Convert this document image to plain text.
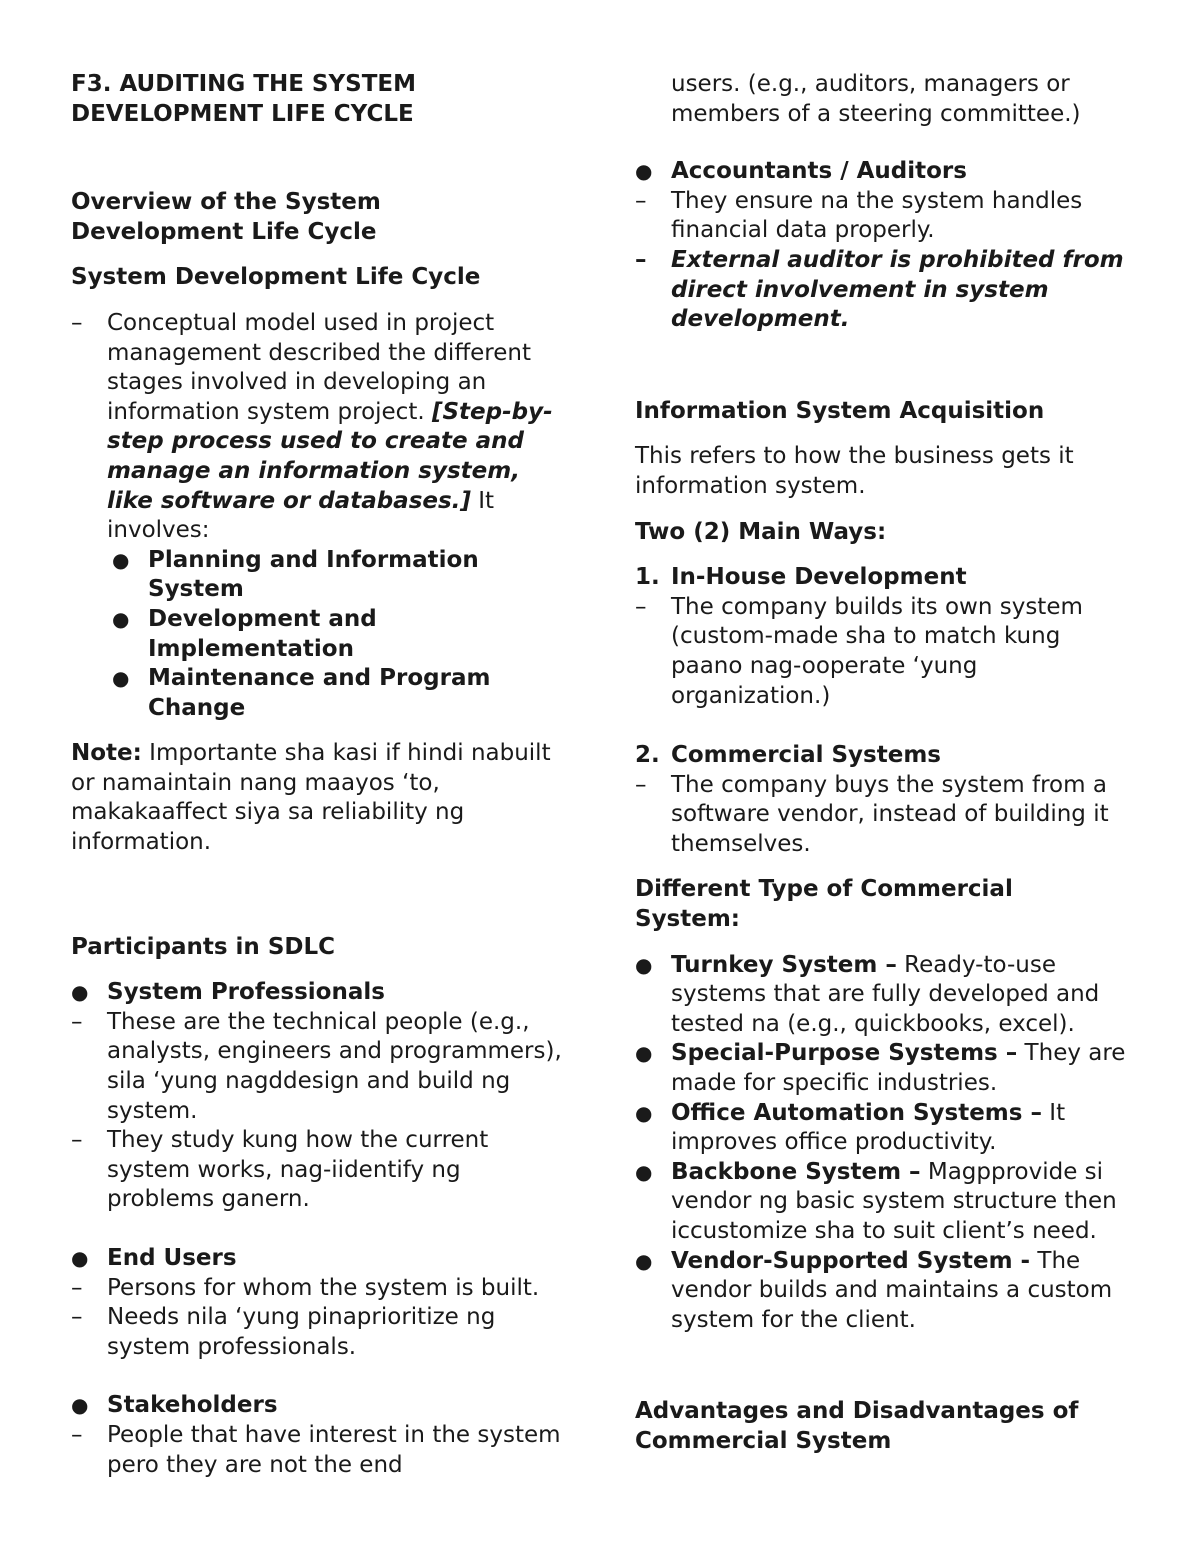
F3. AUDITING THE SYSTEM
DEVELOPMENT LIFE CYCLE

Overview of the System Development Life Cycle

System Development Life Cycle

–	Conceptual model used in project management described the different stages involved in developing an information system project. [Step-by-step process used to create and manage an information system, like software or databases.] It involves:
● Planning and Information System
● Development and Implementation
● Maintenance and Program Change

Note: Importante sha kasi if hindi nabuilt or namaintain nang maayos ‘to, makakaaffect siya sa reliability ng information.

Participants in SDLC

● System Professionals
–	These are the technical people (e.g., analysts, engineers and programmers), sila ‘yung nagddesign and build ng system.
–	They study kung how the current system works, nag-iidentify ng problems ganern.
● End Users
–	Persons for whom the system is built.
–	Needs nila ‘yung pinaprioritize ng system professionals.
● Stakeholders
–	People that have interest in the system pero they are not the end
users. (e.g., auditors, managers or members of a steering committee.)
● Accountants / Auditors
–	They ensure na the system handles financial data properly.
–	External auditor is prohibited from direct involvement in system development.

Information System Acquisition

This refers to how the business gets it information system.

Two (2) Main Ways:

1. In-House Development
–	The company builds its own system (custom-made sha to match kung paano nag-ooperate ‘yung organization.)
2. Commercial Systems
–	The company buys the system from a software vendor, instead of building it themselves.

Different Type of Commercial System:

● Turnkey System – Ready-to-use systems that are fully developed and tested na (e.g., quickbooks, excel).
● Special-Purpose Systems – They are made for specific industries.
● Office Automation Systems – It improves office productivity.
● Backbone System – Magpprovide si vendor ng basic system structure then iccustomize sha to suit client’s need.
● Vendor-Supported System - The vendor builds and maintains a custom system for the client.

Advantages and Disadvantages of Commercial System
